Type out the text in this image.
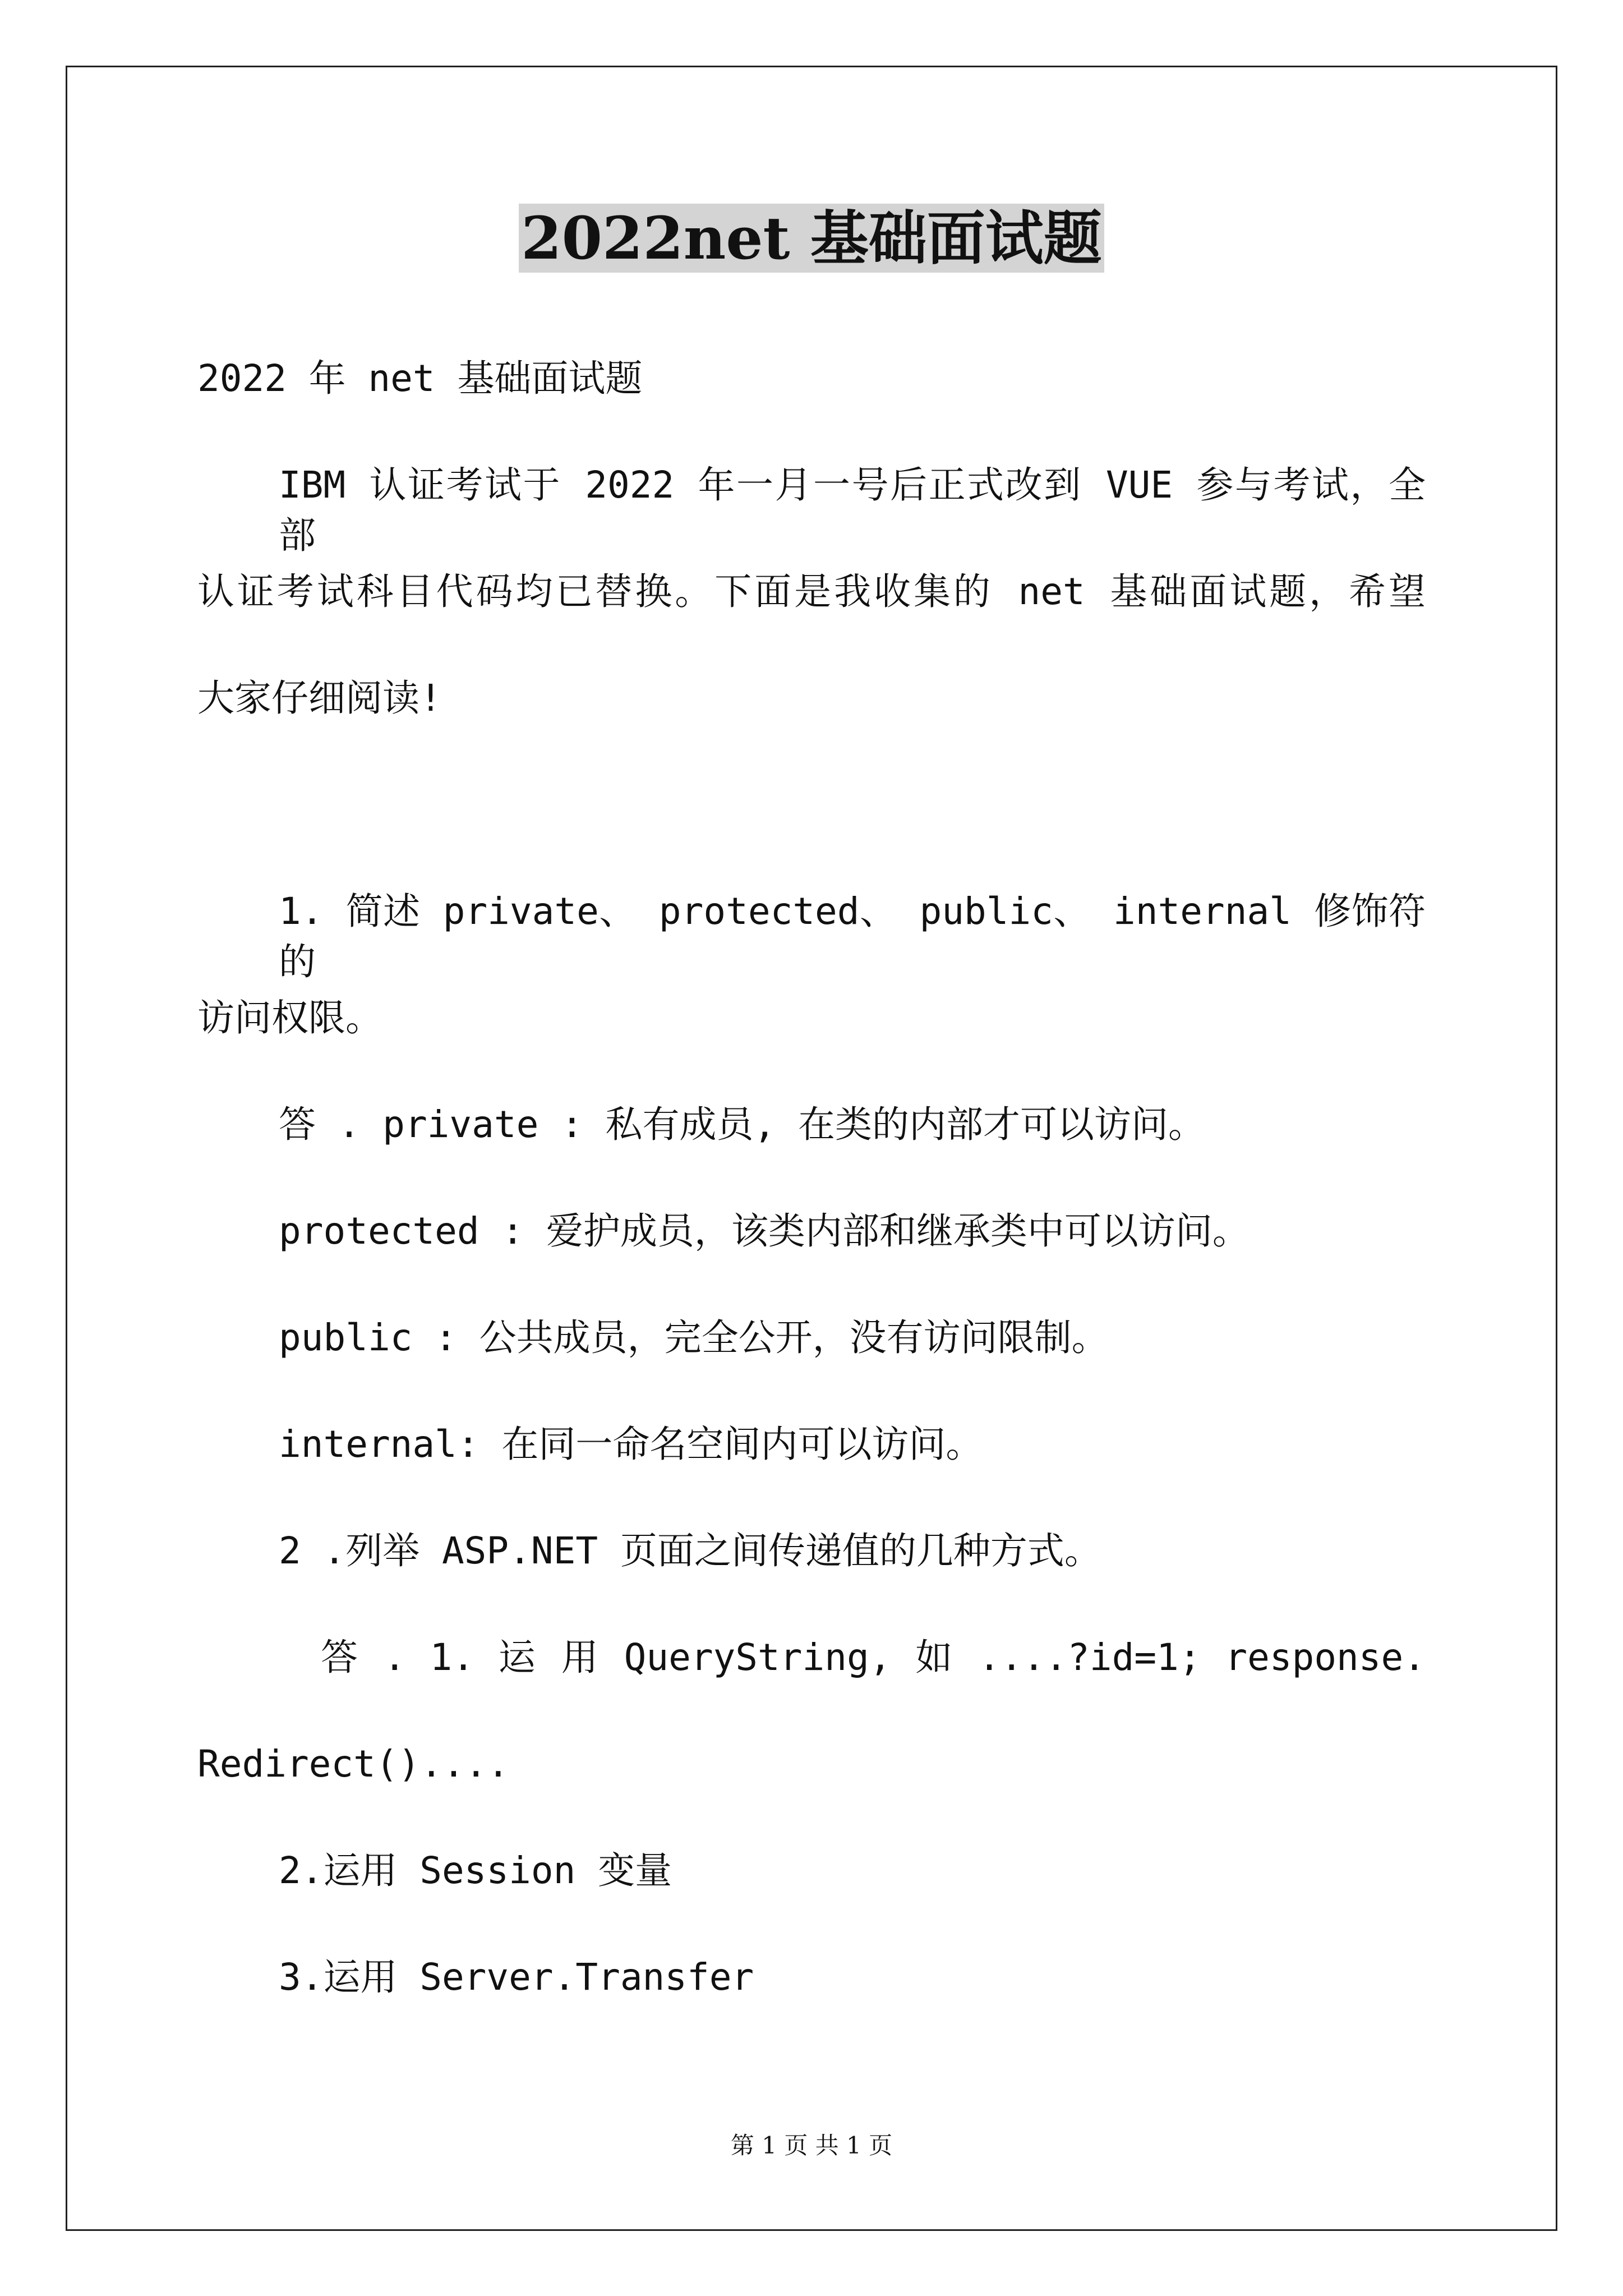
2022net 基础面试题
2022 年 net 基础面试题
IBM 认证考试于 2022 年一月一号后正式改到 VUE 参与考试，全部
认证考试科目代码均已替换。下面是我收集的 net 基础面试题，希望
大家仔细阅读!
1. 简述 private、 protected、 public、 internal 修饰符的
访问权限。
答 . private : 私有成员, 在类的内部才可以访问。
protected : 爱护成员，该类内部和继承类中可以访问。
public : 公共成员，完全公开，没有访问限制。
internal: 在同一命名空间内可以访问。
2 .列举 ASP.NET 页面之间传递值的几种方式。
答 . 1. 运 用 QueryString, 如 ....?id=1; response.
Redirect()....
2.运用 Session 变量
3.运用 Server.Transfer
第 1 页 共 1 页
